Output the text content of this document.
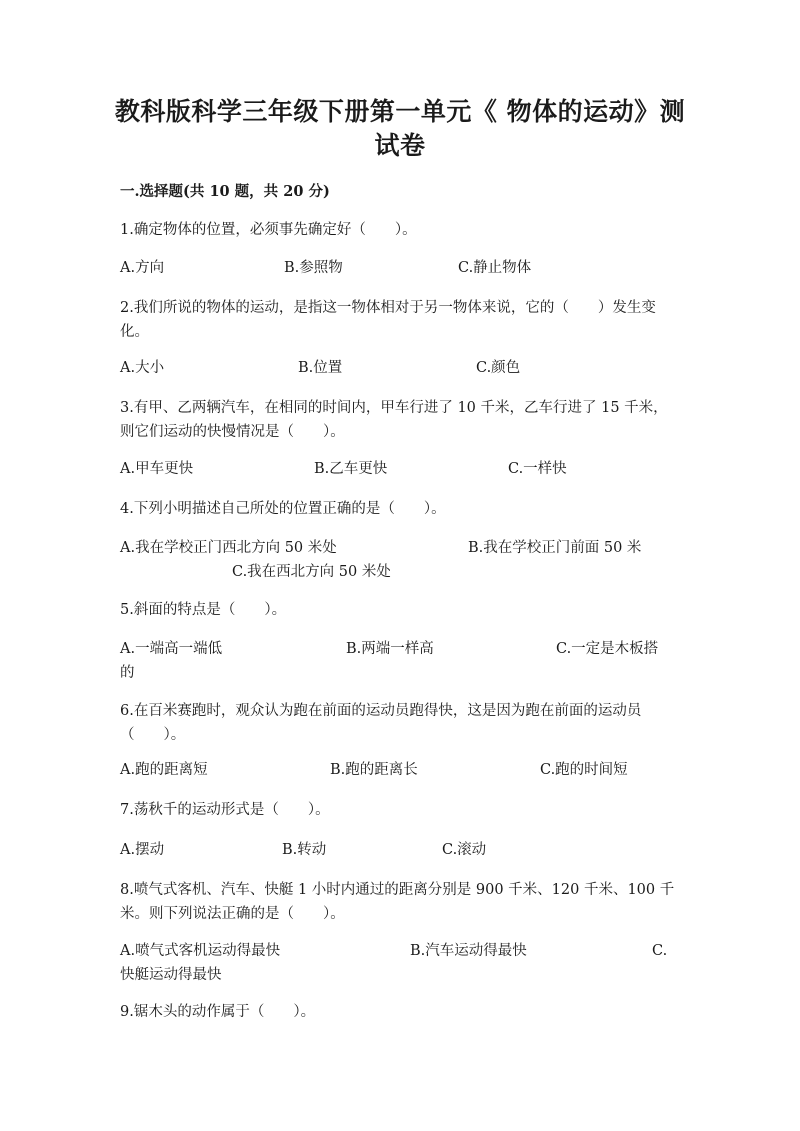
教科版科学三年级下册第一单元《 物体的运动》测
试卷
一.选择题(共 10 题，共 20 分)
1.确定物体的位置，必须事先确定好（　　）。
A.方向	B.参照物	C.静止物体
2.我们所说的物体的运动，是指这一物体相对于另一物体来说，它的（　　）发生变化。
A.大小	B.位置	C.颜色
3.有甲、乙两辆汽车，在相同的时间内，甲车行进了 10 千米，乙车行进了 15 千米，则它们运动的快慢情况是（　　）。
A.甲车更快	B.乙车更快	C.一样快
4.下列小明描述自己所处的位置正确的是（　　）。
A.我在学校正门西北方向 50 米处	B.我在学校正门前面 50 米
C.我在西北方向 50 米处
5.斜面的特点是（　　）。
A.一端高一端低	B.两端一样高	C.一定是木板搭
的
6.在百米赛跑时，观众认为跑在前面的运动员跑得快，这是因为跑在前面的运动员（　　）。
A.跑的距离短	B.跑的距离长	C.跑的时间短
7.荡秋千的运动形式是（　　）。
A.摆动	B.转动	C.滚动
8.喷气式客机、汽车、快艇 1 小时内通过的距离分别是 900 千米、120 千米、100 千米。则下列说法正确的是（　　）。
A.喷气式客机运动得最快	B.汽车运动得最快	C.
快艇运动得最快
9.锯木头的动作属于（　　）。
